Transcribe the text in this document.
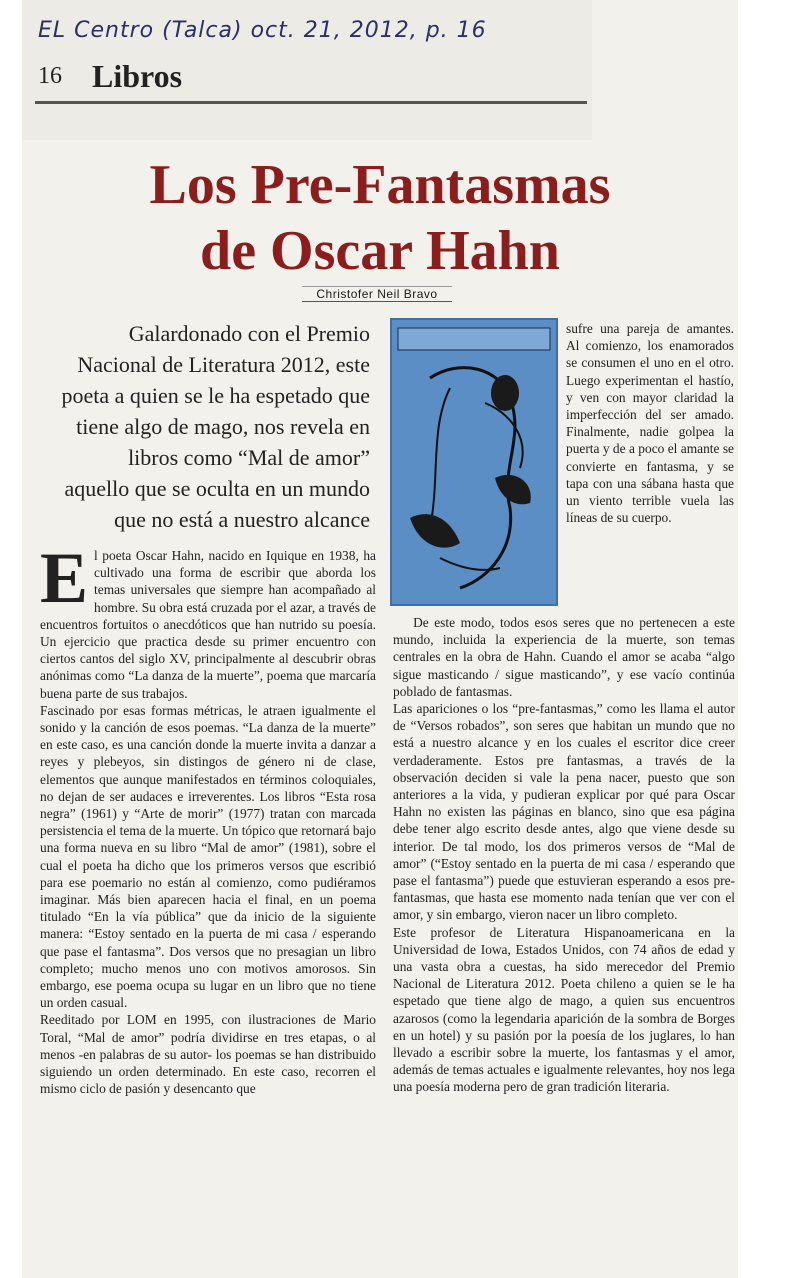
EL Centro (Talca) oct. 21, 2012, p. 16
16 Libros
Los Pre-Fantasmas
de Oscar Hahn
Christofer Neil Bravo
Galardonado con el Premio Nacional de Literatura 2012, este poeta a quien se le ha espetado que tiene algo de mago, nos revela en libros como “Mal de amor” aquello que se oculta en un mundo que no está a nuestro alcance
sufre una pareja de amantes. Al comienzo, los enamorados se consumen el uno en el otro. Luego experimentan el hastío, y ven con mayor claridad la imperfección del ser amado. Finalmente, nadie golpea la puerta y de a poco el amante se convierte en fantasma, y se tapa con una sábana hasta que un viento terrible vuela las líneas de su cuerpo.

El poeta Oscar Hahn, nacido en Iquique en 1938, ha cultivado una forma de escribir que aborda los temas universales que siempre han acompañado al hombre. Su obra está cruzada por el azar, a través de encuentros fortuitos o anecdóticos que han nutrido su poesía. Un ejercicio que practica desde su primer encuentro con ciertos cantos del siglo XV, principalmente al descubrir obras anónimas como “La danza de la muerte”, poema que marcaría buena parte de sus trabajos.

Fascinado por esas formas métricas, le atraen igualmente el sonido y la canción de esos poemas. “La danza de la muerte” en este caso, es una canción donde la muerte invita a danzar a reyes y plebeyos, sin distingos de género ni de clase, elementos que aunque manifestados en términos coloquiales, no dejan de ser audaces e irreverentes. Los libros “Esta rosa negra” (1961) y “Arte de morir” (1977) tratan con marcada persistencia el tema de la muerte. Un tópico que retornará bajo una forma nueva en su libro “Mal de amor” (1981), sobre el cual el poeta ha dicho que los primeros versos que escribió para ese poemario no están al comienzo, como pudiéramos imaginar. Más bien aparecen hacia el final, en un poema titulado “En la vía pública” que da inicio de la siguiente manera: “Estoy sentado en la puerta de mi casa / esperando que pase el fantasma”. Dos versos que no presagian un libro completo; mucho menos uno con motivos amorosos. Sin embargo, ese poema ocupa su lugar en un libro que no tiene un orden casual.

Reeditado por LOM en 1995, con ilustraciones de Mario Toral, “Mal de amor” podría dividirse en tres etapas, o al menos -en palabras de su autor- los poemas se han distribuido siguiendo un orden determinado. En este caso, recorren el mismo ciclo de pasión y desencanto que

De este modo, todos esos seres que no pertenecen a este mundo, incluida la experiencia de la muerte, son temas centrales en la obra de Hahn. Cuando el amor se acaba “algo sigue masticando / sigue masticando”, y ese vacío continúa poblado de fantasmas.

Las apariciones o los “pre-fantasmas,” como les llama el autor de “Versos robados”, son seres que habitan un mundo que no está a nuestro alcance y en los cuales el escritor dice creer verdaderamente. Estos pre fantasmas, a través de la observación deciden si vale la pena nacer, puesto que son anteriores a la vida, y pudieran explicar por qué para Oscar Hahn no existen las páginas en blanco, sino que esa página debe tener algo escrito desde antes, algo que viene desde su interior. De tal modo, los dos primeros versos de “Mal de amor” (“Estoy sentado en la puerta de mi casa / esperando que pase el fantasma”) puede que estuvieran esperando a esos pre-fantasmas, que hasta ese momento nada tenían que ver con el amor, y sin embargo, vieron nacer un libro completo.

Este profesor de Literatura Hispanoamericana en la Universidad de Iowa, Estados Unidos, con 74 años de edad y una vasta obra a cuestas, ha sido merecedor del Premio Nacional de Literatura 2012. Poeta chileno a quien se le ha espetado que tiene algo de mago, a quien sus encuentros azarosos (como la legendaria aparición de la sombra de Borges en un hotel) y su pasión por la poesía de los juglares, lo han llevado a escribir sobre la muerte, los fantasmas y el amor, además de temas actuales e igualmente relevantes, hoy nos lega una poesía moderna pero de gran tradición literaria.
